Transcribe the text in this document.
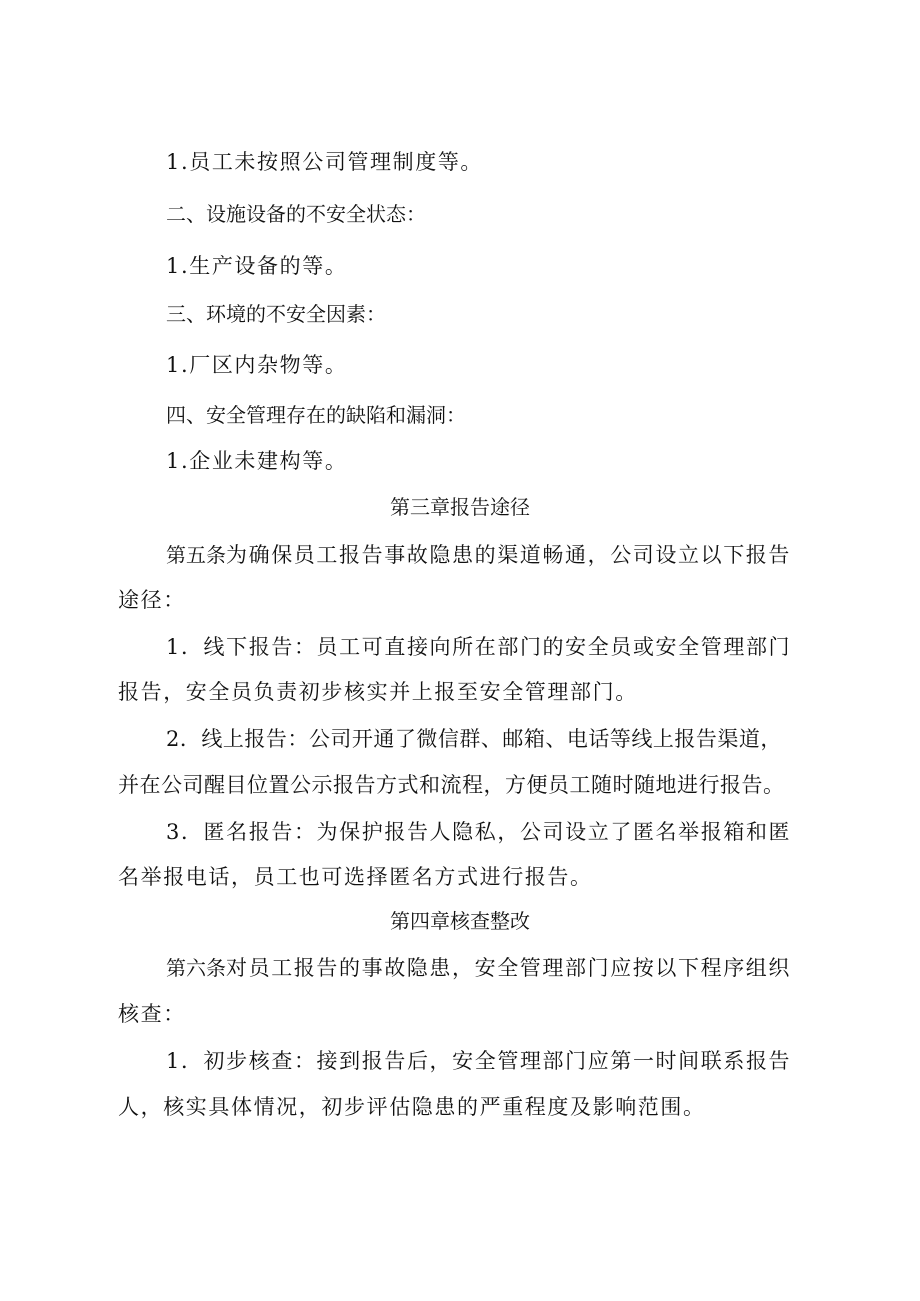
1.员工未按照公司管理制度等。
二、设施设备的不安全状态：
1.生产设备的等。
三、环境的不安全因素：
1.厂区内杂物等。
四、安全管理存在的缺陷和漏洞：
1.企业未建构等。
第三章报告途径
第五条为确保员工报告事故隐患的渠道畅通，公司设立以下报告
途径：
1．线下报告：员工可直接向所在部门的安全员或安全管理部门
报告，安全员负责初步核实并上报至安全管理部门。
2．线上报告：公司开通了微信群、邮箱、电话等线上报告渠道，
并在公司醒目位置公示报告方式和流程，方便员工随时随地进行报告。
3．匿名报告：为保护报告人隐私，公司设立了匿名举报箱和匿
名举报电话，员工也可选择匿名方式进行报告。
第四章核查整改
第六条对员工报告的事故隐患，安全管理部门应按以下程序组织
核查：
1．初步核查：接到报告后，安全管理部门应第一时间联系报告
人，核实具体情况，初步评估隐患的严重程度及影响范围。
